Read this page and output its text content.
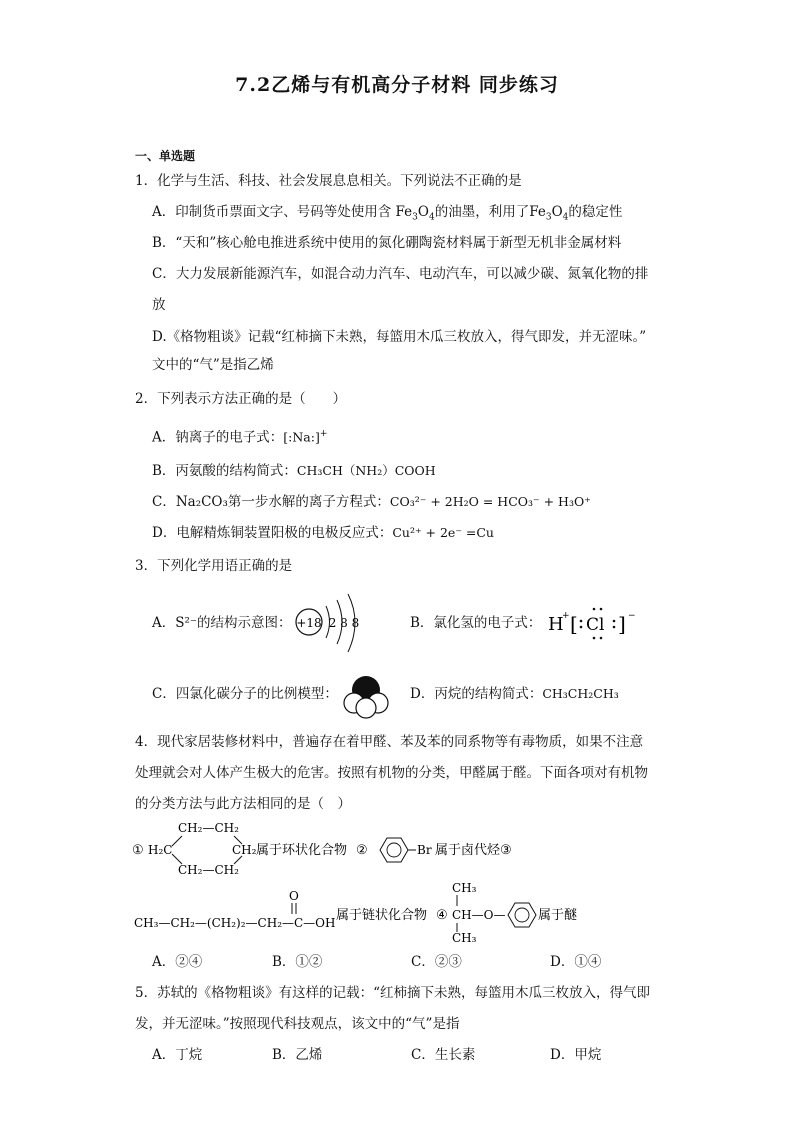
7.2乙烯与有机高分子材料 同步练习
一、单选题
1．化学与生活、科技、社会发展息息相关。下列说法不正确的是
A．印制货币票面文字、号码等处使用含 $Fe_3O_4$的油墨，利用了$Fe_3O_4$的稳定性
B．“天和”核心舱电推进系统中使用的氮化硼陶瓷材料属于新型无机非金属材料
C．大力发展新能源汽车，如混合动力汽车、电动汽车，可以减少碳、氮氧化物的排
放
D.《格物粗谈》记载“红柿摘下未熟，每篮用木瓜三枚放入，得气即发，并无涩味。”
文中的“气”是指乙烯
2．下列表示方法正确的是（　　）
A．钠离子的电子式：[:Na:]+
B．丙氨酸的结构简式：CH₃CH（NH₂）COOH
C．Na₂CO₃第一步水解的离子方程式：CO₃²⁻ + 2H₂O = HCO₃⁻ + H₃O⁺
D．电解精炼铜装置阳极的电极反应式：Cu²⁺ + 2e⁻ =Cu
3．下列化学用语正确的是
A．S²⁻的结构示意图： +18 2 8 8	B．氯化氢的电子式： H
+ [ Cl ] −
C．四氯化碳分子的比例模型：	D．丙烷的结构简式：CH₃CH₂CH₃
4．现代家居装修材料中，普遍存在着甲醛、苯及苯的同系物等有毒物质，如果不注意
处理就会对人体产生极大的危害。按照有机物的分类，甲醛属于醛。下面各项对有机物
的分类方法与此方法相同的是（　）
① H₂C
CH₂—CH₂
CH₂—CH₂
CH₂ 属于环状化合物 ②	Br 属于卤代烃 ③
O
CH₃—CH₂—(CH₂)₂—CH₂—C—OH 属于链状化合物 ④
CH₃
CH—O—
CH₃
属于醚
A．②④	B．①②	C．②③	D．①④
5．苏轼的《格物粗谈》有这样的记载：“红柿摘下未熟，每篮用木瓜三枚放入，得气即
发，并无涩味。”按照现代科技观点，该文中的“气”是指
A．丁烷	B．乙烯	C．生长素	D．甲烷
